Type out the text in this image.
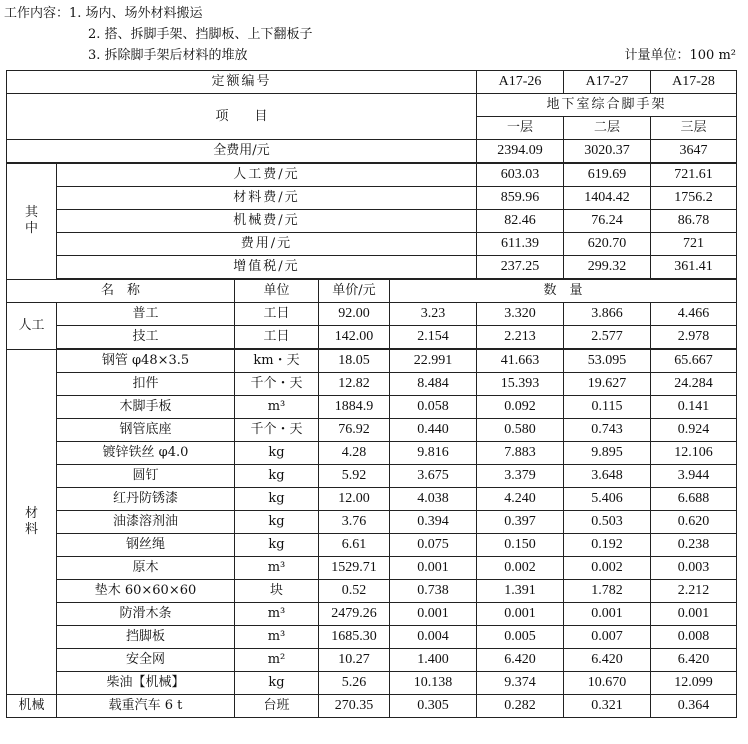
工作内容：1. 场内、场外材料搬运
2. 搭、拆脚手架、挡脚板、上下翻板子
3. 拆除脚手架后材料的堆放	计量单位：100 m²
定额编号					A17-26	A17-27	A17-28	
项　　目					地下室综合脚手架			
					一层	二层	三层	
全费用/元					2394.09	3020.37	3647	

其
中	人工费/元				603.03	619.69	721.61	
	材料费/元				859.96	1404.42	1756.2	
	机械费/元				82.46	76.24	86.78	
	费用/元				611.39	620.70	721	
	增值税/元				237.25	299.32	361.41	
名　称		单位	单价/元	数　量				
人工	普工	工日	92.00	3.23	3.320	3.866	4.466	
	技工	工日	142.00	2.154	2.213	2.577	2.978	

材
料	钢管 φ48×3.5	km・天	18.05	22.991	41.663	53.095	65.667	
	扣件	千个・天	12.82	8.484	15.393	19.627	24.284	
	木脚手板	m³	1884.9	0.058	0.092	0.115	0.141	
	钢管底座	千个・天	76.92	0.440	0.580	0.743	0.924	
	镀锌铁丝 φ4.0	kg	4.28	9.816	7.883	9.895	12.106	
	圆钉	kg	5.92	3.675	3.379	3.648	3.944	
	红丹防锈漆	kg	12.00	4.038	4.240	5.406	6.688	
	油漆溶剂油	kg	3.76	0.394	0.397	0.503	0.620	
	钢丝绳	kg	6.61	0.075	0.150	0.192	0.238	
	原木	m³	1529.71	0.001	0.002	0.002	0.003	
	垫木 60×60×60	块	0.52	0.738	1.391	1.782	2.212	
	防滑木条	m³	2479.26	0.001	0.001	0.001	0.001	
	挡脚板	m³	1685.30	0.004	0.005	0.007	0.008	
	安全网	m²	10.27	1.400	6.420	6.420	6.420	
	柴油【机械】	kg	5.26	10.138	9.374	10.670	12.099	
机械	载重汽车 6 t	台班	270.35	0.305	0.282	0.321	0.364	
